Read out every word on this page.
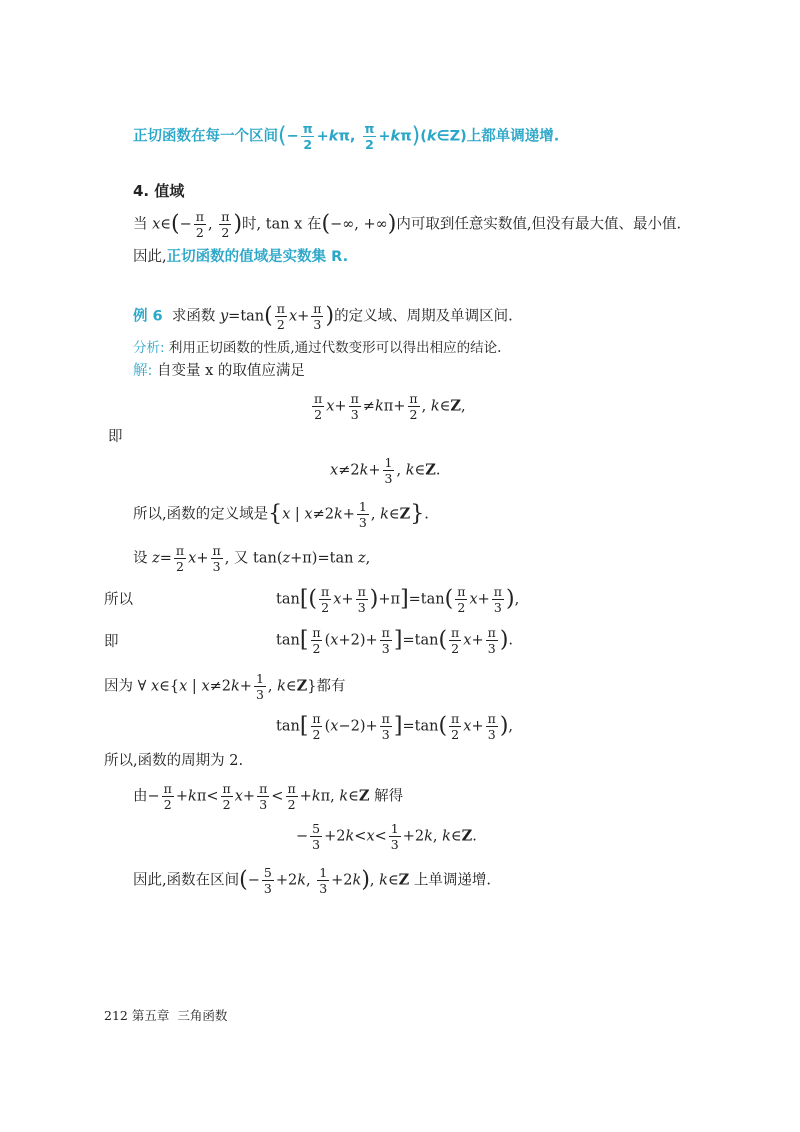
正切函数在每一个区间(− $\frac{\pi}{2} +k\pi$, $\frac{\pi}{2}$ +kπ)(k∈Z)上都单调递增.
4. 值域
当 x∈(− $\frac{\pi}{2}$ , $\frac{\pi}{2}$ )时, tan x 在(−∞, +∞)内可取到任意实数值,但没有最大值、最小值.
因此,正切函数的值域是实数集 R.
例 6 求函数 $y=\tan( \frac{\pi}{2} x+ \frac{\pi}{3}$ )的定义域、周期及单调区间.
分析: 利用正切函数的性质,通过代数变形可以得出相应的结论.
解: 自变量 x 的取值应满足
$\frac{\pi}{2} x+ \frac{\pi}{3} \ne k\pi+ \frac{\pi}{2}$ , k∈Z,
即
$x\ne 2k+ \frac{1}{3}$ , k∈Z.
所以,函数的定义域是{x | $x\ne 2k+ \frac{1}{3}$ , k∈Z}.
设 $z= \frac{\pi}{2} x+ \frac{\pi}{3}$ , 又 tan(z+π)=tan z,
所以	$\tan[( \frac{\pi}{2} x+ \frac{\pi}{3} )+\pi]=\tan( \frac{\pi}{2} x+ \frac{\pi}{3}$ ),
即	$\tan[ \frac{\pi}{2} (x+2)+ \frac{\pi}{3} ]=\tan( \frac{\pi}{2} x+ \frac{\pi}{3}$ ).
因为 ∀ x∈{x | $x\ne 2k+ \frac{1}{3}$ , k∈Z}都有
$\tan[ \frac{\pi}{2} (x-2)+ \frac{\pi}{3} ]=\tan( \frac{\pi}{2} x+ \frac{\pi}{3}$ ),
所以,函数的周期为 2.
由− $\frac{\pi}{2} +k\pi< \frac{\pi}{2} x+ \frac{\pi}{3} < \frac{\pi}{2} +k\pi$, k∈Z 解得
− $\frac{5}{3} +2k<x< \frac{1}{3} +2k$, k∈Z.
因此,函数在区间(− $\frac{5}{3} +2k$, $\frac{1}{3} +2k$), k∈Z 上单调递增.
212 第五章 三角函数
